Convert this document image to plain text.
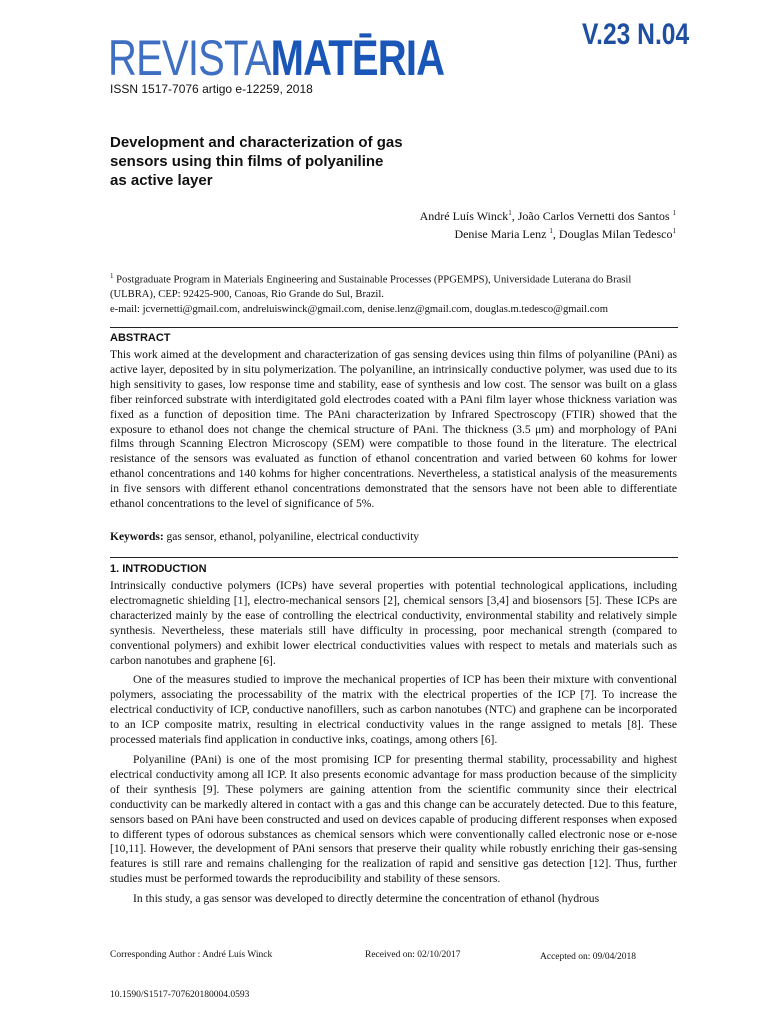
REVISTAMATĒRIA	V.23 N.04
ISSN 1517-7076 artigo e-12259, 2018
Development and characterization of gas
sensors using thin films of polyaniline
as active layer
André Luís Winck$^1$, João Carlos Vernetti dos Santos $^1$
Denise Maria Lenz $^1$, Douglas Milan Tedesco$^1$
$^1$ Postgraduate Program in Materials Engineering and Sustainable Processes (PPGEMPS), Universidade Luterana do Brasil (ULBRA), CEP: 92425-900, Canoas, Rio Grande do Sul, Brazil.
e-mail: jcvernetti@gmail.com, andreluiswinck@gmail.com, denise.lenz@gmail.com, douglas.m.tedesco@gmail.com
ABSTRACT

This work aimed at the development and characterization of gas sensing devices using thin films of polyaniline (PAni) as active layer, deposited by in situ polymerization. The polyaniline, an intrinsically conductive polymer, was used due to its high sensitivity to gases, low response time and stability, ease of synthesis and low cost. The sensor was built on a glass fiber reinforced substrate with interdigitated gold electrodes coated with a PAni film layer whose thickness variation was fixed as a function of deposition time. The PAni characterization by Infrared Spectroscopy (FTIR) showed that the exposure to ethanol does not change the chemical structure of PAni. The thickness (3.5 μm) and morphology of PAni films through Scanning Electron Microscopy (SEM) were compatible to those found in the literature. The electrical resistance of the sensors was evaluated as function of ethanol concentration and varied between 60 kohms for lower ethanol concentrations and 140 kohms for higher concentrations. Nevertheless, a statistical analysis of the measurements in five sensors with different ethanol concentrations demonstrated that the sensors have not been able to differentiate ethanol concentrations to the level of significance of 5%.

Keywords: gas sensor, ethanol, polyaniline, electrical conductivity
1. INTRODUCTION

Intrinsically conductive polymers (ICPs) have several properties with potential technological applications, including electromagnetic shielding [1], electro-mechanical sensors [2], chemical sensors [3,4] and biosensors [5]. These ICPs are characterized mainly by the ease of controlling the electrical conductivity, environmental stability and relatively simple synthesis. Nevertheless, these materials still have difficulty in processing, poor mechanical strength (compared to conventional polymers) and exhibit lower electrical conductivities values with respect to metals and materials such as carbon nanotubes and graphene [6].

One of the measures studied to improve the mechanical properties of ICP has been their mixture with conventional polymers, associating the processability of the matrix with the electrical properties of the ICP [7]. To increase the electrical conductivity of ICP, conductive nanofillers, such as carbon nanotubes (NTC) and graphene can be incorporated to an ICP composite matrix, resulting in electrical conductivity values in the range assigned to metals [8]. These processed materials find application in conductive inks, coatings, among others [6].

Polyaniline (PAni) is one of the most promising ICP for presenting thermal stability, processability and highest electrical conductivity among all ICP. It also presents economic advantage for mass production because of the simplicity of their synthesis [9]. These polymers are gaining attention from the scientific community since their electrical conductivity can be markedly altered in contact with a gas and this change can be accurately detected. Due to this feature, sensors based on PAni have been constructed and used on devices capable of producing different responses when exposed to different types of odorous substances as chemical sensors which were conventionally called electronic nose or e-nose [10,11]. However, the development of PAni sensors that preserve their quality while robustly enriching their gas-sensing features is still rare and remains challenging for the realization of rapid and sensitive gas detection [12]. Thus, further studies must be performed towards the reproducibility and stability of these sensors.

In this study, a gas sensor was developed to directly determine the concentration of ethanol (hydrous

Corresponding Author : André Luís Winck	Received on: 02/10/2017	Accepted on: 09/04/2018
10.1590/S1517-707620180004.0593
